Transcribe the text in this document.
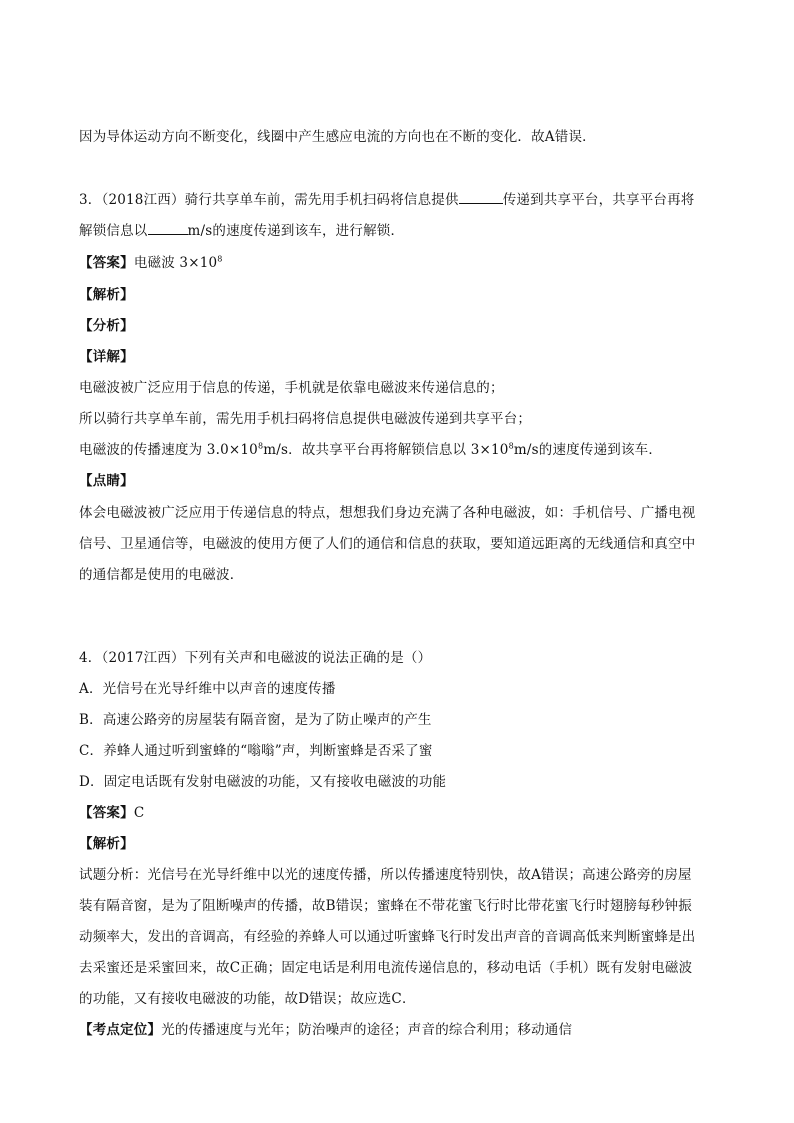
因为导体运动方向不断变化，线圈中产生感应电流的方向也在不断的变化．故A错误．
3．（2018江西）骑行共享单车前，需先用手机扫码将信息提供	传递到共享平台，共享平台再将
解锁信息以	m/s的速度传递到该车，进行解锁．
【答案】电磁波 $3\times 10^8$
【解析】
【分析】
【详解】
电磁波被广泛应用于信息的传递，手机就是依靠电磁波来传递信息的；
所以骑行共享单车前，需先用手机扫码将信息提供电磁波传递到共享平台；
电磁波的传播速度为 $3.0\times 10^8m/s$．故共享平台再将解锁信息以 $3\times 10^8m/s$的速度传递到该车．
【点睛】
体会电磁波被广泛应用于传递信息的特点，想想我们身边充满了各种电磁波，如：手机信号、广播电视
信号、卫星通信等，电磁波的使用方便了人们的通信和信息的获取，要知道远距离的无线通信和真空中
的通信都是使用的电磁波．
4．（2017江西）下列有关声和电磁波的说法正确的是（）
A．光信号在光导纤维中以声音的速度传播
B．高速公路旁的房屋装有隔音窗，是为了防止噪声的产生
C．养蜂人通过听到蜜蜂的“嗡嗡”声，判断蜜蜂是否采了蜜
D．固定电话既有发射电磁波的功能，又有接收电磁波的功能
【答案】C
【解析】
试题分析：光信号在光导纤维中以光的速度传播，所以传播速度特别快，故A错误；高速公路旁的房屋
装有隔音窗，是为了阻断噪声的传播，故B错误；蜜蜂在不带花蜜飞行时比带花蜜飞行时翅膀每秒钟振
动频率大，发出的音调高，有经验的养蜂人可以通过听蜜蜂飞行时发出声音的音调高低来判断蜜蜂是出
去采蜜还是采蜜回来，故C正确；固定电话是利用电流传递信息的，移动电话（手机）既有发射电磁波
的功能，又有接收电磁波的功能，故D错误；故应选C．
【考点定位】光的传播速度与光年；防治噪声的途径；声音的综合利用；移动通信
